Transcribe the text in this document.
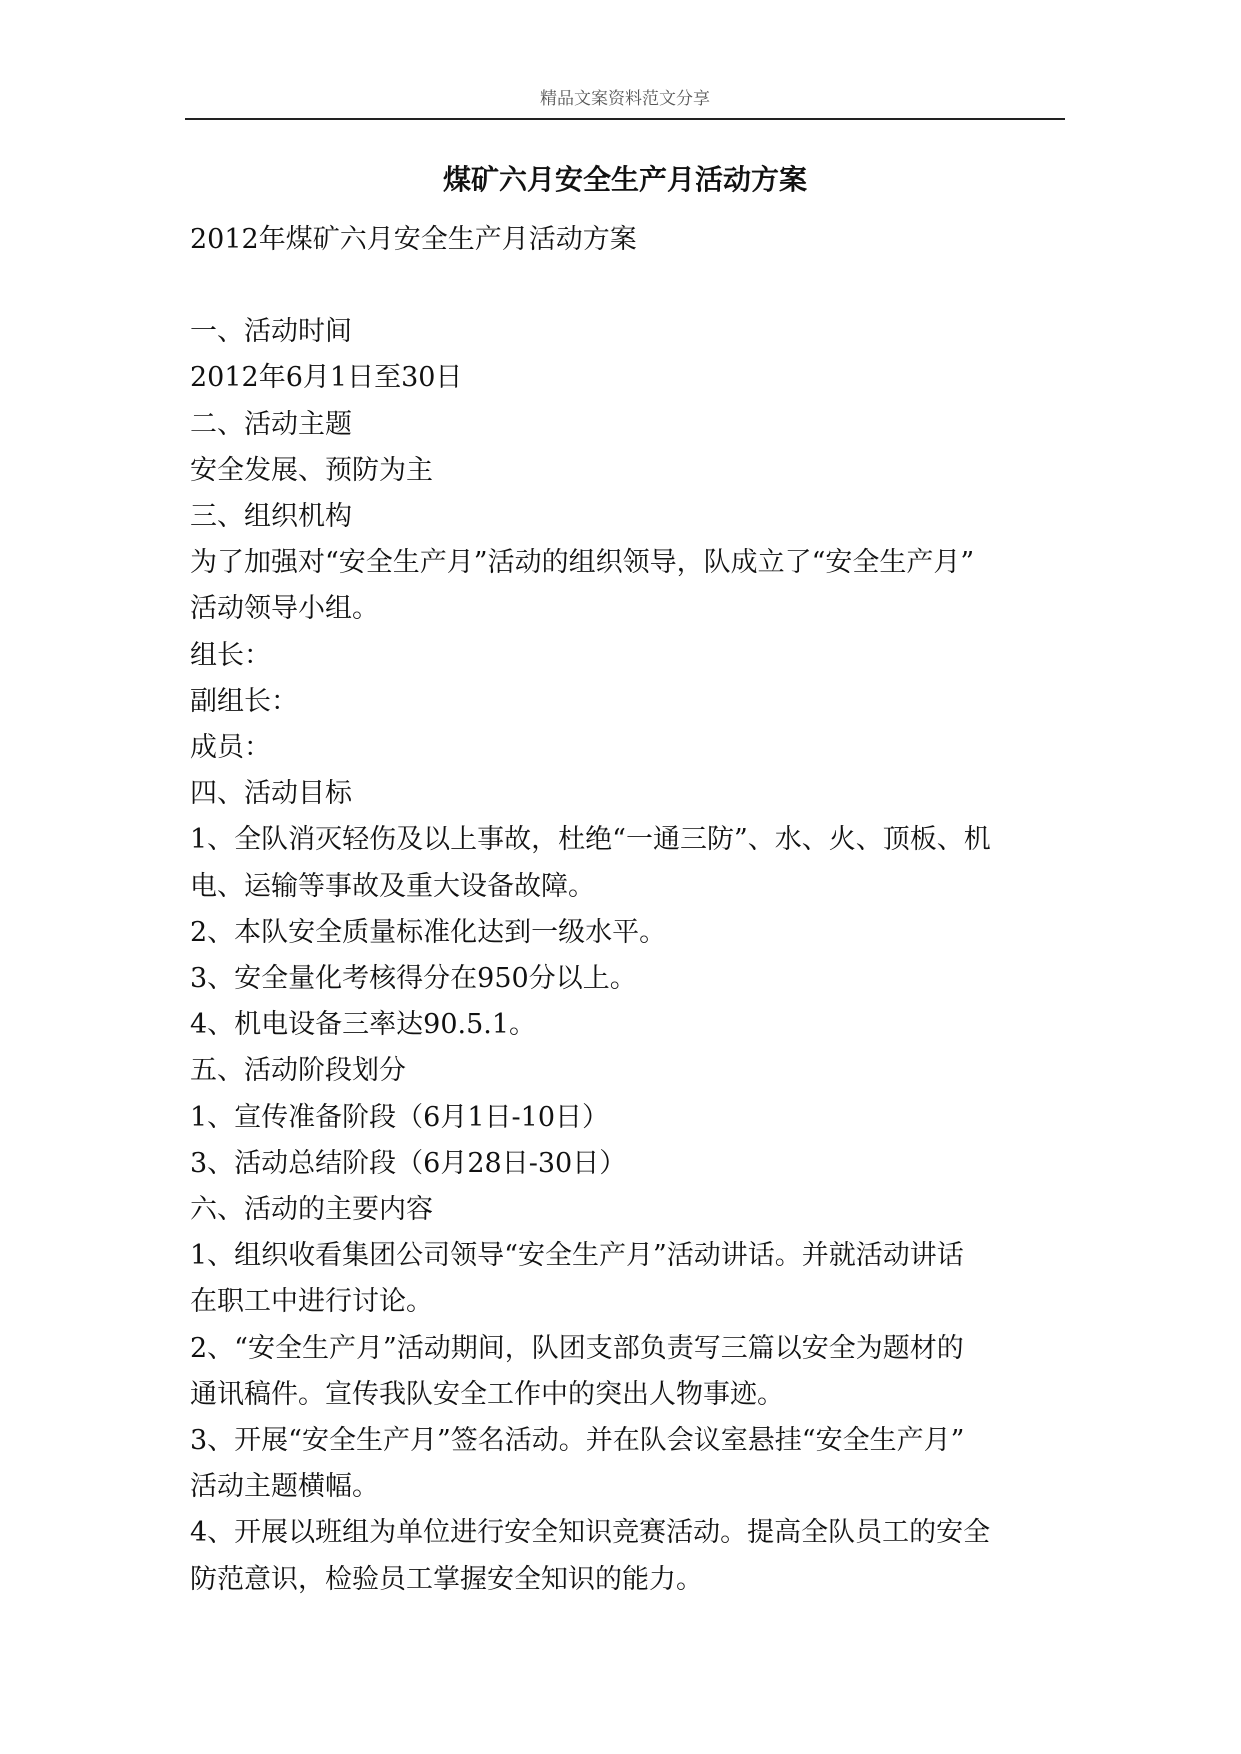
精品文案资料范文分享
煤矿六月安全生产月活动方案

2012年煤矿六月安全生产月活动方案

一、活动时间

2012年6月1日至30日

二、活动主题

安全发展、预防为主

三、组织机构

为了加强对“安全生产月”活动的组织领导，队成立了“安全生产月”

活动领导小组。

组长：

副组长：

成员：

四、活动目标

1、全队消灭轻伤及以上事故，杜绝“一通三防”、水、火、顶板、机

电、运输等事故及重大设备故障。

2、本队安全质量标准化达到一级水平。

3、安全量化考核得分在950分以上。

4、机电设备三率达90.5.1。

五、活动阶段划分

1、宣传准备阶段（6月1日-10日）

3、活动总结阶段（6月28日-30日）

六、活动的主要内容

1、组织收看集团公司领导“安全生产月”活动讲话。并就活动讲话

在职工中进行讨论。

2、“安全生产月”活动期间，队团支部负责写三篇以安全为题材的

通讯稿件。宣传我队安全工作中的突出人物事迹。

3、开展“安全生产月”签名活动。并在队会议室悬挂“安全生产月”

活动主题横幅。

4、开展以班组为单位进行安全知识竞赛活动。提高全队员工的安全

防范意识，检验员工掌握安全知识的能力。
